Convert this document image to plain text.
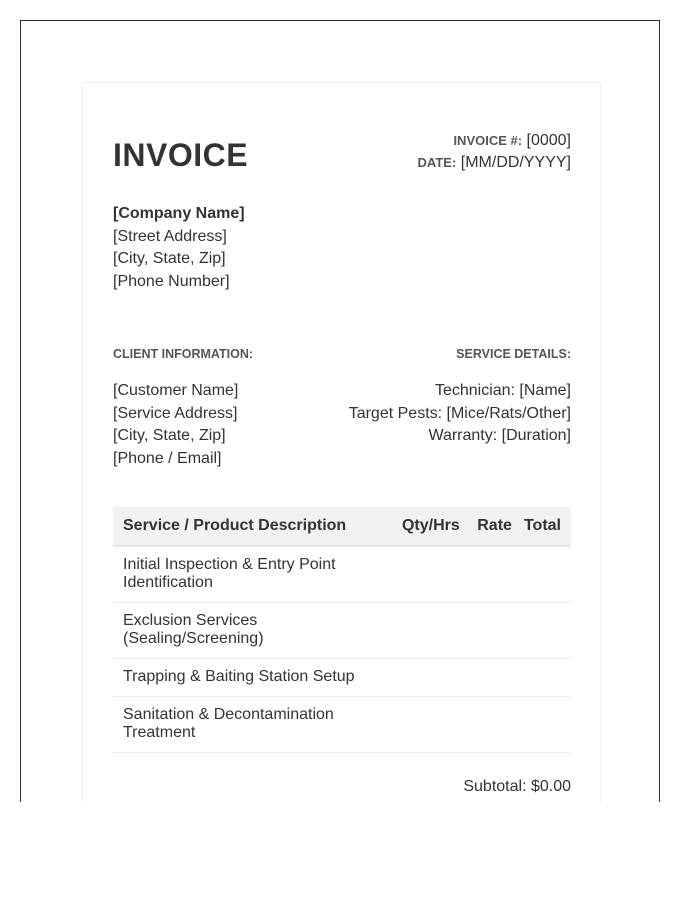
INVOICE	INVOICE #: [0000]
DATE: [MM/DD/YYYY]
[Company Name]
[Street Address]
[City, State, Zip]
[Phone Number]
CLIENT INFORMATION:	SERVICE DETAILS:
[Customer Name]
[Service Address]
[City, State, Zip]
[Phone / Email]
Technician: [Name]
Target Pests: [Mice/Rats/Other]
Warranty: [Duration]
Service / Product Description	Qty/Hrs	Rate	Total
Initial Inspection & Entry Point Identification			
Exclusion Services (Sealing/Screening)			
Trapping & Baiting Station Setup			
Sanitation & Decontamination Treatment			
Subtotal: $0.00
